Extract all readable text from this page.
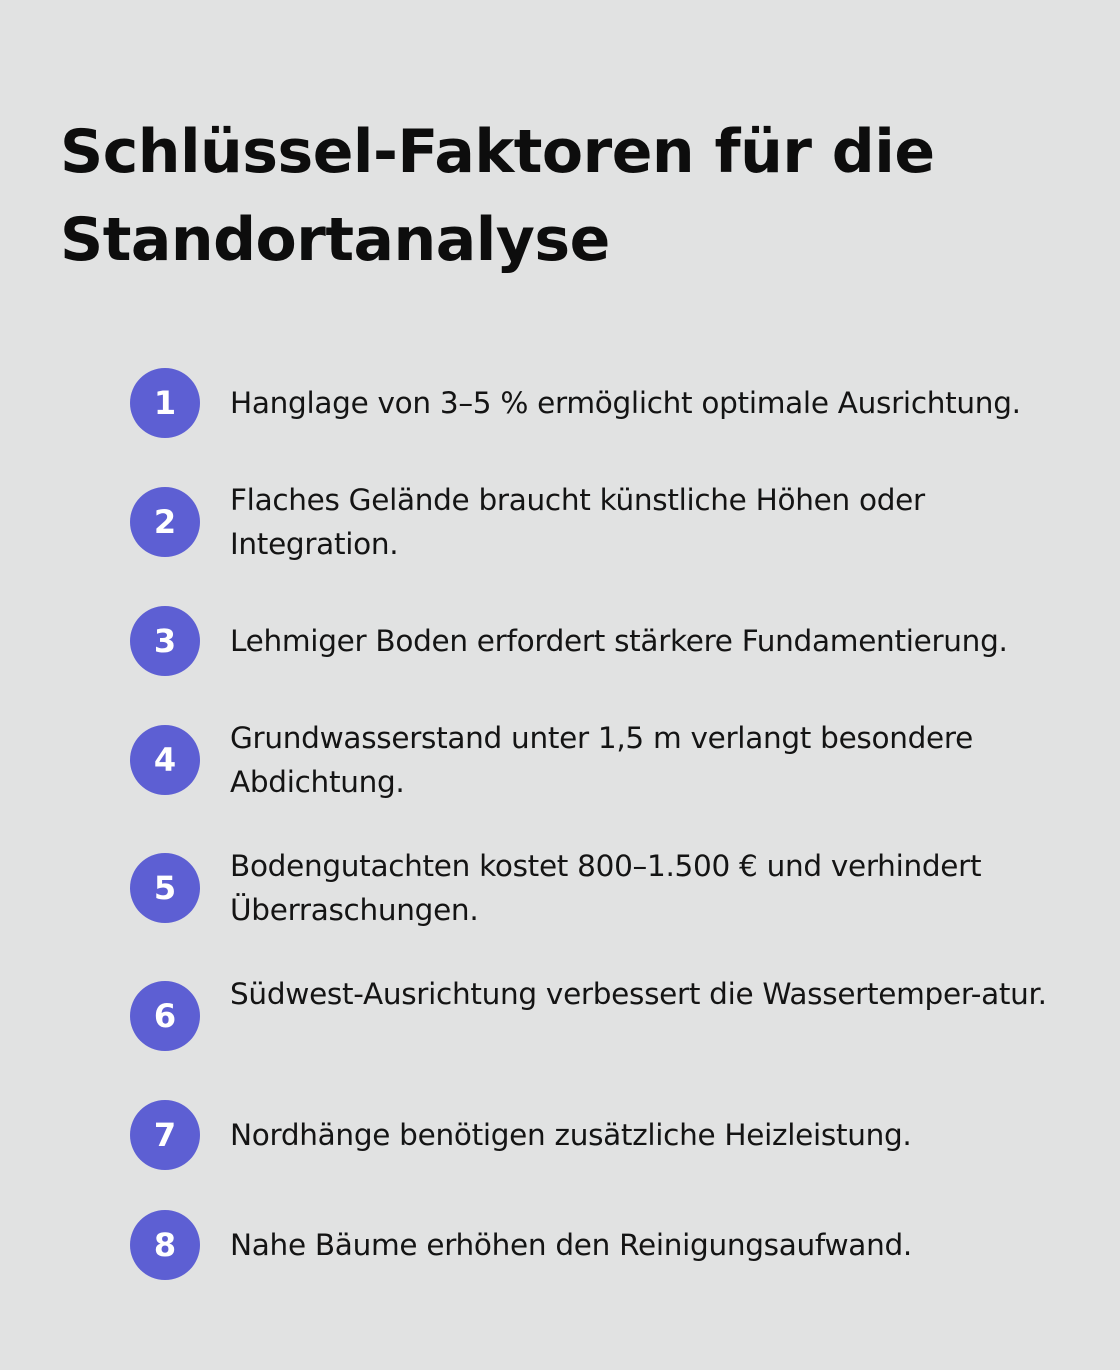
Schlüssel-Faktoren für die Standortanalyse
1	Hanglage von 3–5 % ermöglicht optimale Ausrichtung.
2
Flaches Gelände braucht künstliche Höhen oder Integration.
3	Lehmiger Boden erfordert stärkere Fundamentierung.
4
Grundwasserstand unter 1,5 m verlangt besondere Abdichtung.
5
Bodengutachten kostet 800–1.500 € und verhindert Überraschungen.
6
Südwest-Ausrichtung verbessert die Wassertemper-atur.
7	Nordhänge benötigen zusätzliche Heizleistung.
8	Nahe Bäume erhöhen den Reinigungsaufwand.
